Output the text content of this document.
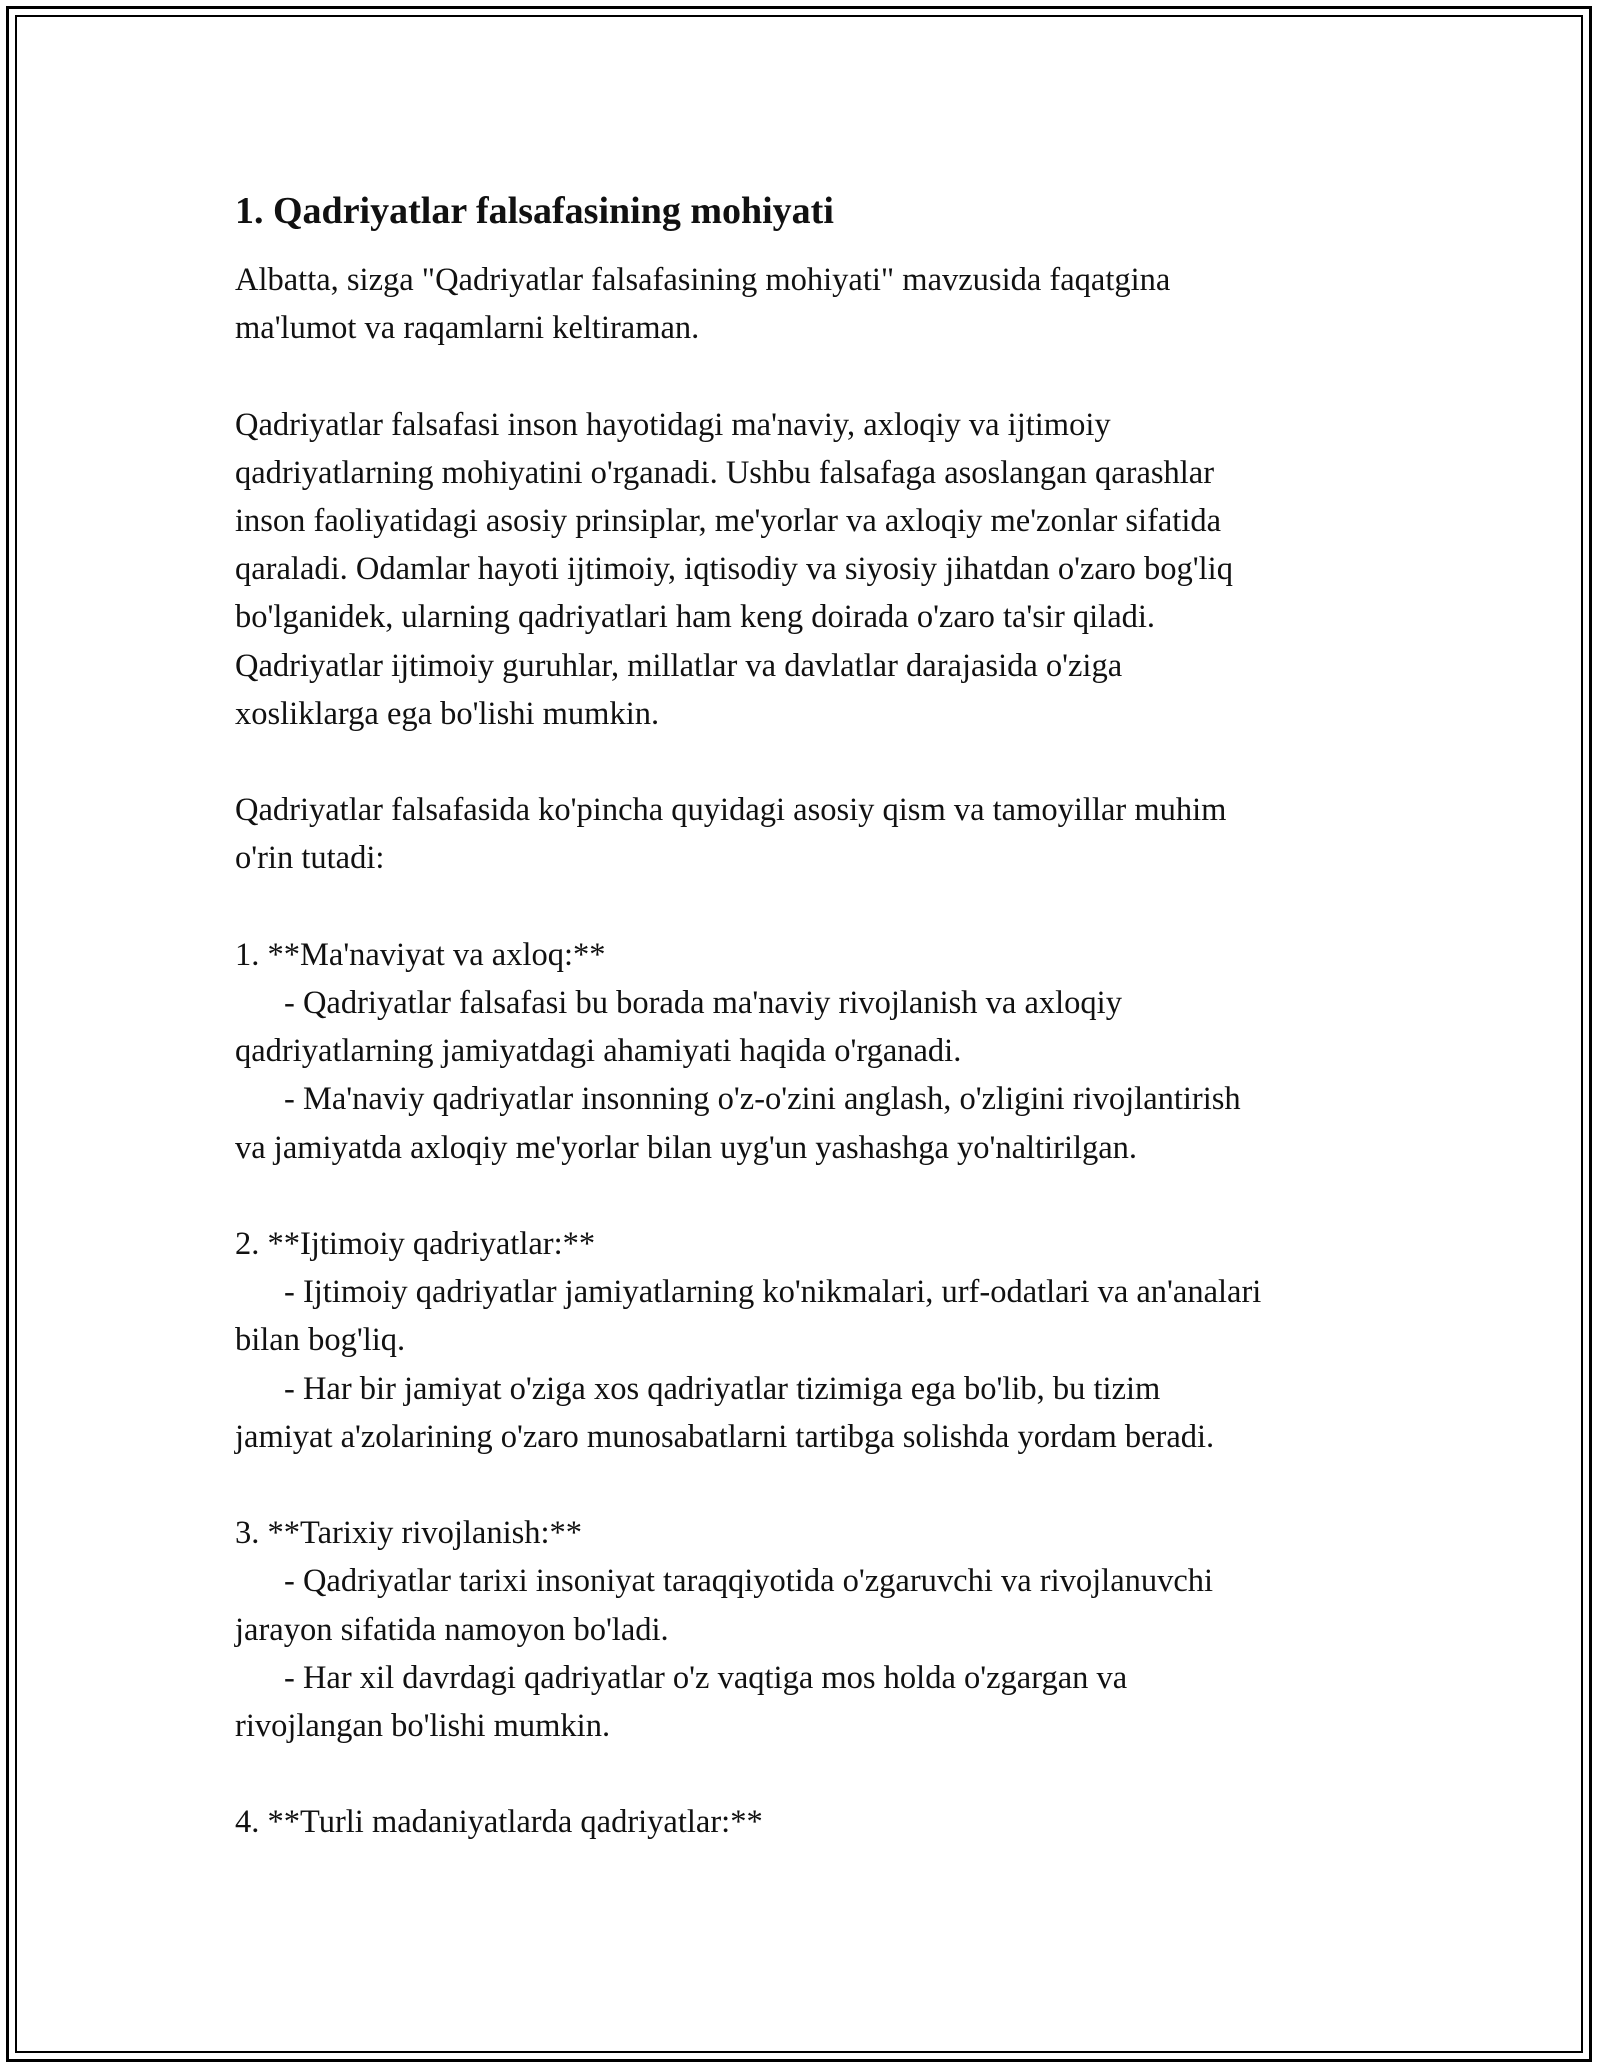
1. Qadriyatlar falsafasining mohiyati

Albatta, sizga "Qadriyatlar falsafasining mohiyati" mavzusida faqatgina

ma'lumot va raqamlarni keltiraman.

Qadriyatlar falsafasi inson hayotidagi ma'naviy, axloqiy va ijtimoiy

qadriyatlarning mohiyatini o'rganadi. Ushbu falsafaga asoslangan qarashlar

inson faoliyatidagi asosiy prinsiplar, me'yorlar va axloqiy me'zonlar sifatida

qaraladi. Odamlar hayoti ijtimoiy, iqtisodiy va siyosiy jihatdan o'zaro bog'liq

bo'lganidek, ularning qadriyatlari ham keng doirada o'zaro ta'sir qiladi.

Qadriyatlar ijtimoiy guruhlar, millatlar va davlatlar darajasida o'ziga

xosliklarga ega bo'lishi mumkin.

Qadriyatlar falsafasida ko'pincha quyidagi asosiy qism va tamoyillar muhim

o'rin tutadi:

1. **Ma'naviyat va axloq:**

- Qadriyatlar falsafasi bu borada ma'naviy rivojlanish va axloqiy

qadriyatlarning jamiyatdagi ahamiyati haqida o'rganadi.

- Ma'naviy qadriyatlar insonning o'z-o'zini anglash, o'zligini rivojlantirish

va jamiyatda axloqiy me'yorlar bilan uyg'un yashashga yo'naltirilgan.

2. **Ijtimoiy qadriyatlar:**

- Ijtimoiy qadriyatlar jamiyatlarning ko'nikmalari, urf-odatlari va an'analari

bilan bog'liq.

- Har bir jamiyat o'ziga xos qadriyatlar tizimiga ega bo'lib, bu tizim

jamiyat a'zolarining o'zaro munosabatlarni tartibga solishda yordam beradi.

3. **Tarixiy rivojlanish:**

- Qadriyatlar tarixi insoniyat taraqqiyotida o'zgaruvchi va rivojlanuvchi

jarayon sifatida namoyon bo'ladi.

- Har xil davrdagi qadriyatlar o'z vaqtiga mos holda o'zgargan va

rivojlangan bo'lishi mumkin.

4. **Turli madaniyatlarda qadriyatlar:**
